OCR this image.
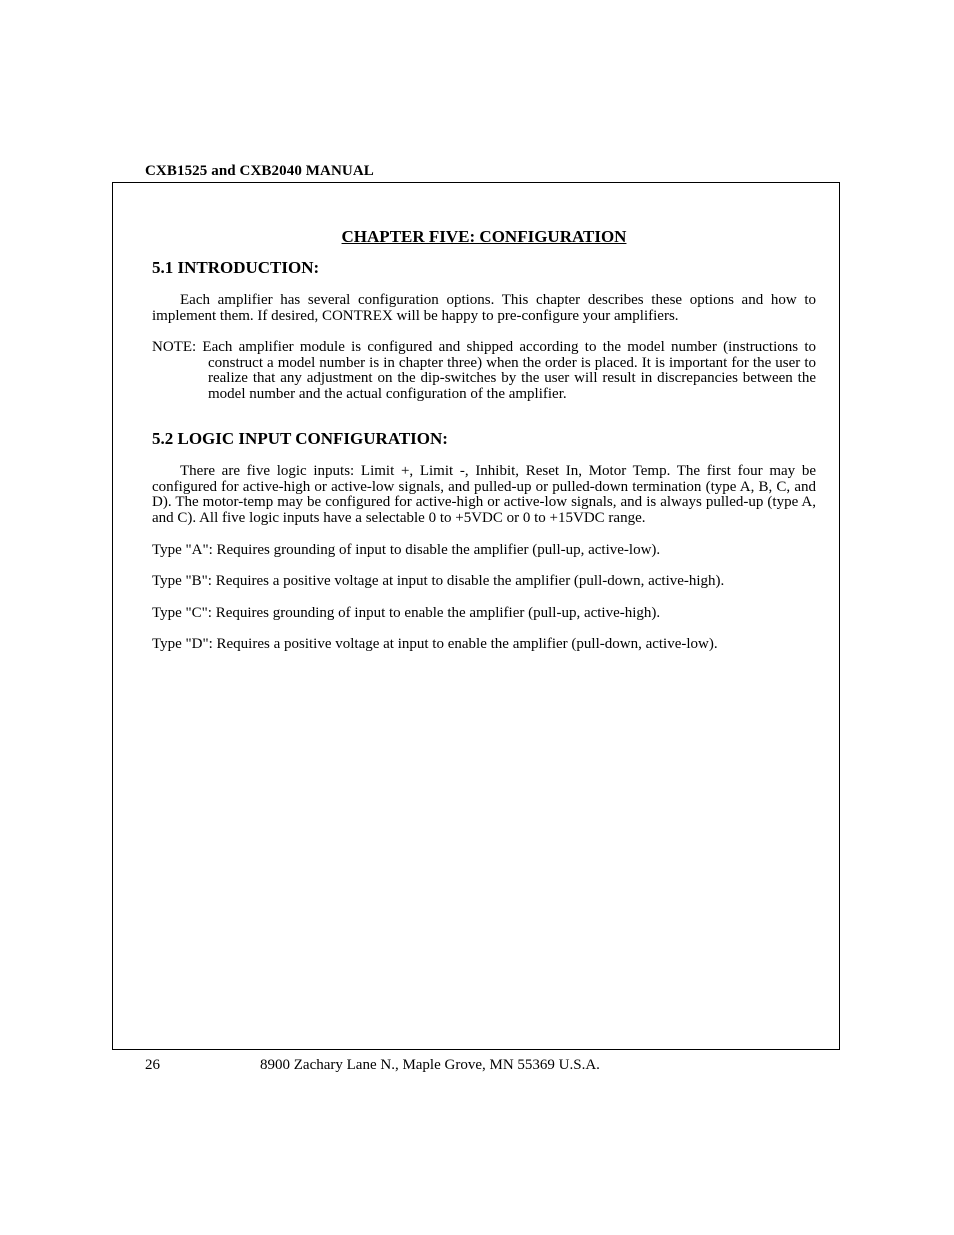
CXB1525 and CXB2040 MANUAL
CHAPTER FIVE: CONFIGURATION
5.1 INTRODUCTION:
Each amplifier has several configuration options. This chapter describes these options and how to implement them. If desired, CONTREX will be happy to pre-configure your amplifiers.
NOTE: Each amplifier module is configured and shipped according to the model number (instructions to construct a model number is in chapter three) when the order is placed. It is important for the user to realize that any adjustment on the dip-switches by the user will result in discrepancies between the model number and the actual configuration of the amplifier.
5.2 LOGIC INPUT CONFIGURATION:
There are five logic inputs: Limit +, Limit -, Inhibit, Reset In, Motor Temp. The first four may be configured for active-high or active-low signals, and pulled-up or pulled-down termination (type A, B, C, and D). The motor-temp may be configured for active-high or active-low signals, and is always pulled-up (type A, and C). All five logic inputs have a selectable 0 to +5VDC or 0 to +15VDC range.
Type "A": Requires grounding of input to disable the amplifier (pull-up, active-low).
Type "B": Requires a positive voltage at input to disable the amplifier (pull-down, active-high).
Type "C": Requires grounding of input to enable the amplifier (pull-up, active-high).
Type "D": Requires a positive voltage at input to enable the amplifier (pull-down, active-low).
26	8900 Zachary Lane N., Maple Grove, MN 55369 U.S.A.
